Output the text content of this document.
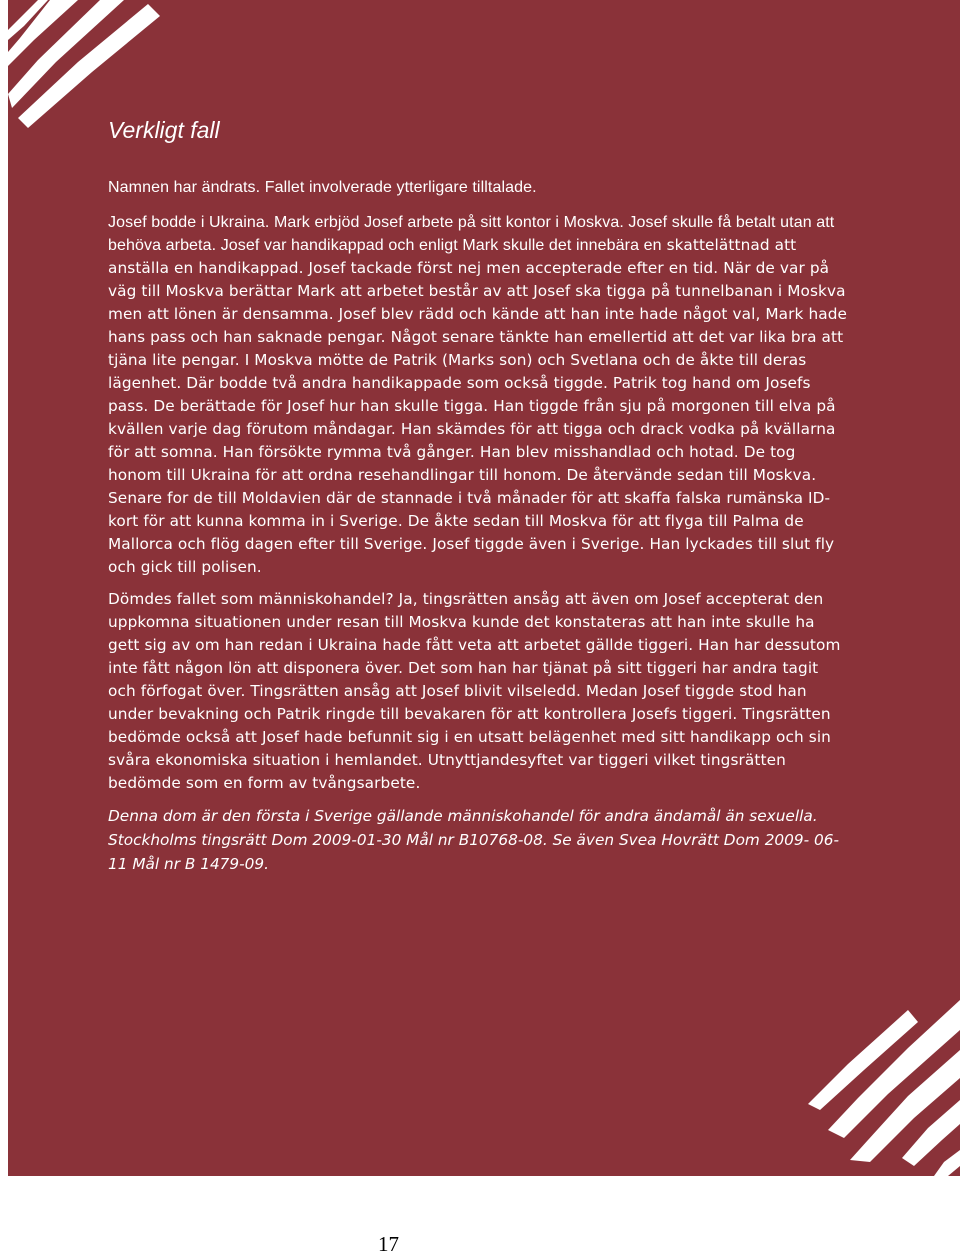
Verkligt fall

Namnen har ändrats. Fallet involverade ytterligare tilltalade.

Josef bodde i Ukraina. Mark erbjöd Josef arbete på sitt kontor i Moskva. Josef skulle få betalt utan att behöva arbeta. Josef var handikappad och enligt Mark skulle det innebära en skattelättnad att anställa en handikappad. Josef tackade först nej men accepterade efter en tid. När de var på väg till Moskva berättar Mark att arbetet består av att Josef ska tigga på tunnelbanan i Moskva men att lönen är densamma. Josef blev rädd och kände att han inte hade något val, Mark hade hans pass och han saknade pengar. Något senare tänkte han emellertid att det var lika bra att tjäna lite pengar. I Moskva mötte de Patrik (Marks son) och Svetlana och de åkte till deras lägenhet. Där bodde två andra handikappade som också tiggde. Patrik tog hand om Josefs pass. De berättade för Josef hur han skulle tigga. Han tiggde från sju på morgonen till elva på kvällen varje dag förutom måndagar. Han skämdes för att tigga och drack vodka på kvällarna för att somna. Han försökte rymma två gånger. Han blev misshandlad och hotad. De tog honom till Ukraina för att ordna resehandlingar till honom. De återvände sedan till Moskva. Senare for de till Moldavien där de stannade i två månader för att skaffa falska rumänska ID-kort för att kunna komma in i Sverige. De åkte sedan till Moskva för att flyga till Palma de Mallorca och flög dagen efter till Sverige. Josef tiggde även i Sverige. Han lyckades till slut fly och gick till polisen.

Dömdes fallet som människohandel? Ja, tingsrätten ansåg att även om Josef accepterat den uppkomna situationen under resan till Moskva kunde det konstateras att han inte skulle ha gett sig av om han redan i Ukraina hade fått veta att arbetet gällde tiggeri. Han har dessutom inte fått någon lön att disponera över. Det som han har tjänat på sitt tiggeri har andra tagit och förfogat över. Tingsrätten ansåg att Josef blivit vilseledd. Medan Josef tiggde stod han under bevakning och Patrik ringde till bevakaren för att kontrollera Josefs tiggeri. Tingsrätten bedömde också att Josef hade befunnit sig i en utsatt belägenhet med sitt handikapp och sin svåra ekonomiska situation i hemlandet. Utnyttjandesyftet var tiggeri vilket tingsrätten bedömde som en form av tvångsarbete.

Denna dom är den första i Sverige gällande människohandel för andra ändamål än sexuella. Stockholms tingsrätt Dom 2009-01-30 Mål nr B10768-08. Se även Svea Hovrätt Dom 2009- 06-11 Mål nr B 1479-09.

17
